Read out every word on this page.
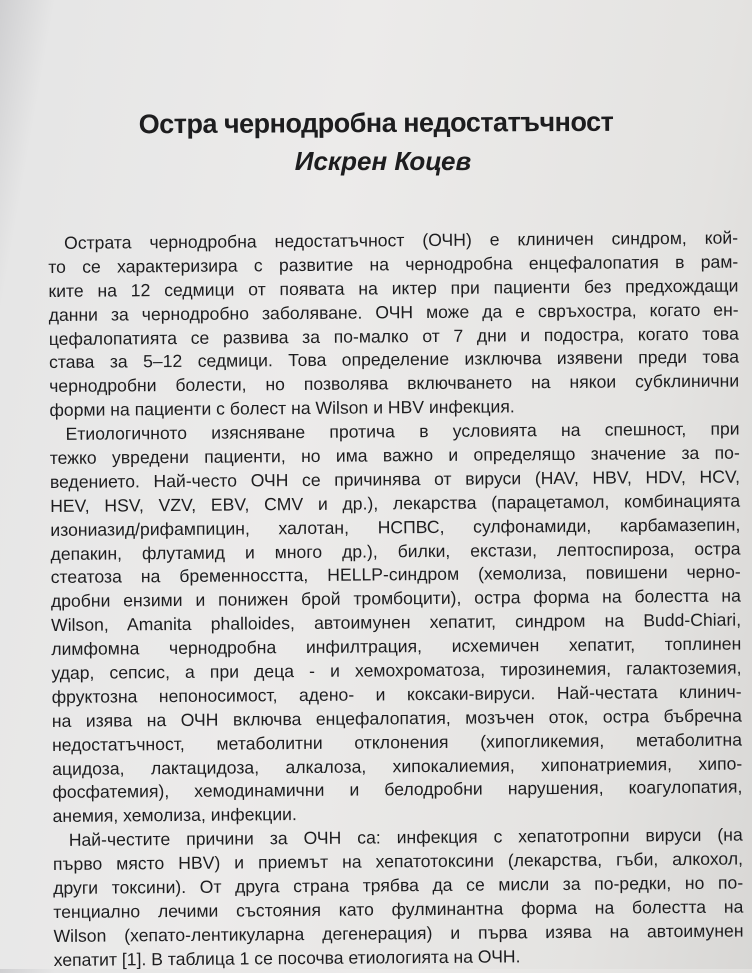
Остра чернодробна недостатъчност
Искрен Коцев
Острата чернодробна недостатъчност (ОЧН) е клиничен синдром, кой-
то се характеризира с развитие на чернодробна енцефалопатия в рам-
ките на 12 седмици от появата на иктер при пациенти без предхождащи
данни за чернодробно заболяване. ОЧН може да е свръхостра, когато ен-
цефалопатията се развива за по-малко от 7 дни и подостра, когато това
става за 5–12 седмици. Това определение изключва изявени преди това
чернодробни болести, но позволява включването на някои субклинични
форми на пациенти с болест на Wilson и HBV инфекция.
Етиологичното изясняване протича в условията на спешност, при
тежко увредени пациенти, но има важно и определящо значение за по-
ведението. Най-често ОЧН се причинява от вируси (HAV, HBV, HDV, HCV,
HEV, HSV, VZV, EBV, CMV и др.), лекарства (парацетамол, комбинацията
изониазид/рифампицин, халотан, НСПВС, сулфонамиди, карбамазепин,
депакин, флутамид и много др.), билки, екстази, лептоспироза, остра
стеатоза на бременносстта, HELLP-синдром (хемолиза, повишени черно-
дробни ензими и понижен брой тромбоцити), остра форма на болестта на
Wilson, Amanita phalloides, автоимунен хепатит, синдром на Budd-Chiari,
лимфомна чернодробна инфилтрация, исхемичен хепатит, топлинен
удар, сепсис, а при деца - и хемохроматоза, тирозинемия, галактоземия,
фруктозна непоносимост, адено- и коксаки-вируси. Най-честата клинич-
на изява на ОЧН включва енцефалопатия, мозъчен оток, остра бъбречна
недостатъчност, метаболитни отклонения (хипогликемия, метаболитна
ацидоза, лактацидоза, алкалоза, хипокалиемия, хипонатриемия, хипо-
фосфатемия), хемодинамични и белодробни нарушения, коагулопатия,
анемия, хемолиза, инфекции.
Най-честите причини за ОЧН са: инфекция с хепатотропни вируси (на
първо място HBV) и приемът на хепатотоксини (лекарства, гъби, алкохол,
други токсини). От друга страна трябва да се мисли за по-редки, но по-
тенциално лечими състояния като фулминантна форма на болестта на
Wilson (хепато-лентикуларна дегенерация) и първа изява на автоимунен
хепатит [1]. В таблица 1 се посочва етиологията на ОЧН.
